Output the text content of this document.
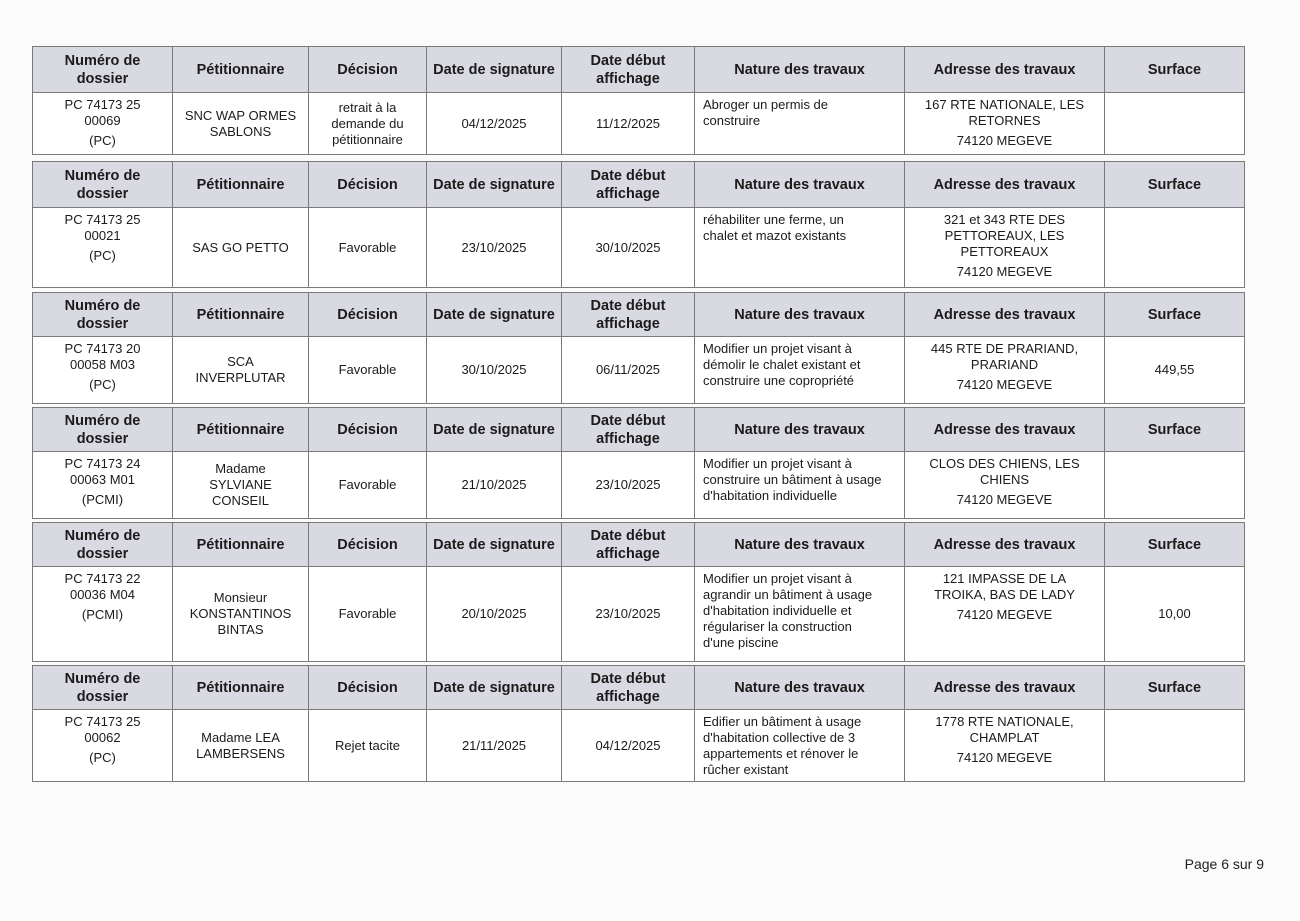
Numéro de dossier	Pétitionnaire	Décision	Date de signature	Date début affichage	Nature des travaux	Adresse des travaux	Surface

PC 74173 25
00069
(PC)	SNC WAP ORMES
SABLONS	retrait à la
demande du
pétitionnaire	04/12/2025	11/12/2025	Abroger un permis de
construire	167 RTE NATIONALE, LES
RETORNES
74120 MEGEVE	

Numéro de dossier	Pétitionnaire	Décision	Date de signature	Date début affichage	Nature des travaux	Adresse des travaux	Surface

PC 74173 25
00021
(PC)	SAS GO PETTO	Favorable	23/10/2025	30/10/2025	réhabiliter une ferme, un
chalet et mazot existants	321 et 343 RTE DES
PETTOREAUX, LES
PETTOREAUX
74120 MEGEVE	

Numéro de dossier	Pétitionnaire	Décision	Date de signature	Date début affichage	Nature des travaux	Adresse des travaux	Surface

PC 74173 20
00058 M03
(PC)	SCA
INVERPLUTAR	Favorable	30/10/2025	06/11/2025	Modifier un projet visant à
démolir le chalet existant et
construire une copropriété	445 RTE DE PRARIAND,
PRARIAND
74120 MEGEVE	449,55
Numéro de dossier	Pétitionnaire	Décision	Date de signature	Date début affichage	Nature des travaux	Adresse des travaux	Surface

PC 74173 24
00063 M01
(PCMI)	Madame
SYLVIANE
CONSEIL	Favorable	21/10/2025	23/10/2025	Modifier un projet visant à
construire un bâtiment à usage
d'habitation individuelle	CLOS DES CHIENS, LES
CHIENS
74120 MEGEVE	

Numéro de dossier	Pétitionnaire	Décision	Date de signature	Date début affichage	Nature des travaux	Adresse des travaux	Surface

PC 74173 22
00036 M04
(PCMI)	Monsieur
KONSTANTINOS
BINTAS	Favorable	20/10/2025	23/10/2025	Modifier un projet visant à
agrandir un bâtiment à usage
d'habitation individuelle et
régulariser la construction
d'une piscine	121 IMPASSE DE LA
TROIKA, BAS DE LADY
74120 MEGEVE	10,00
Numéro de dossier	Pétitionnaire	Décision	Date de signature	Date début affichage	Nature des travaux	Adresse des travaux	Surface

PC 74173 25
00062
(PC)	Madame LEA
LAMBERSENS	Rejet tacite	21/11/2025	04/12/2025	Edifier un bâtiment à usage
d'habitation collective de 3
appartements et rénover le
rûcher existant	1778 RTE NATIONALE,
CHAMPLAT
74120 MEGEVE	

Page 6 sur 9
